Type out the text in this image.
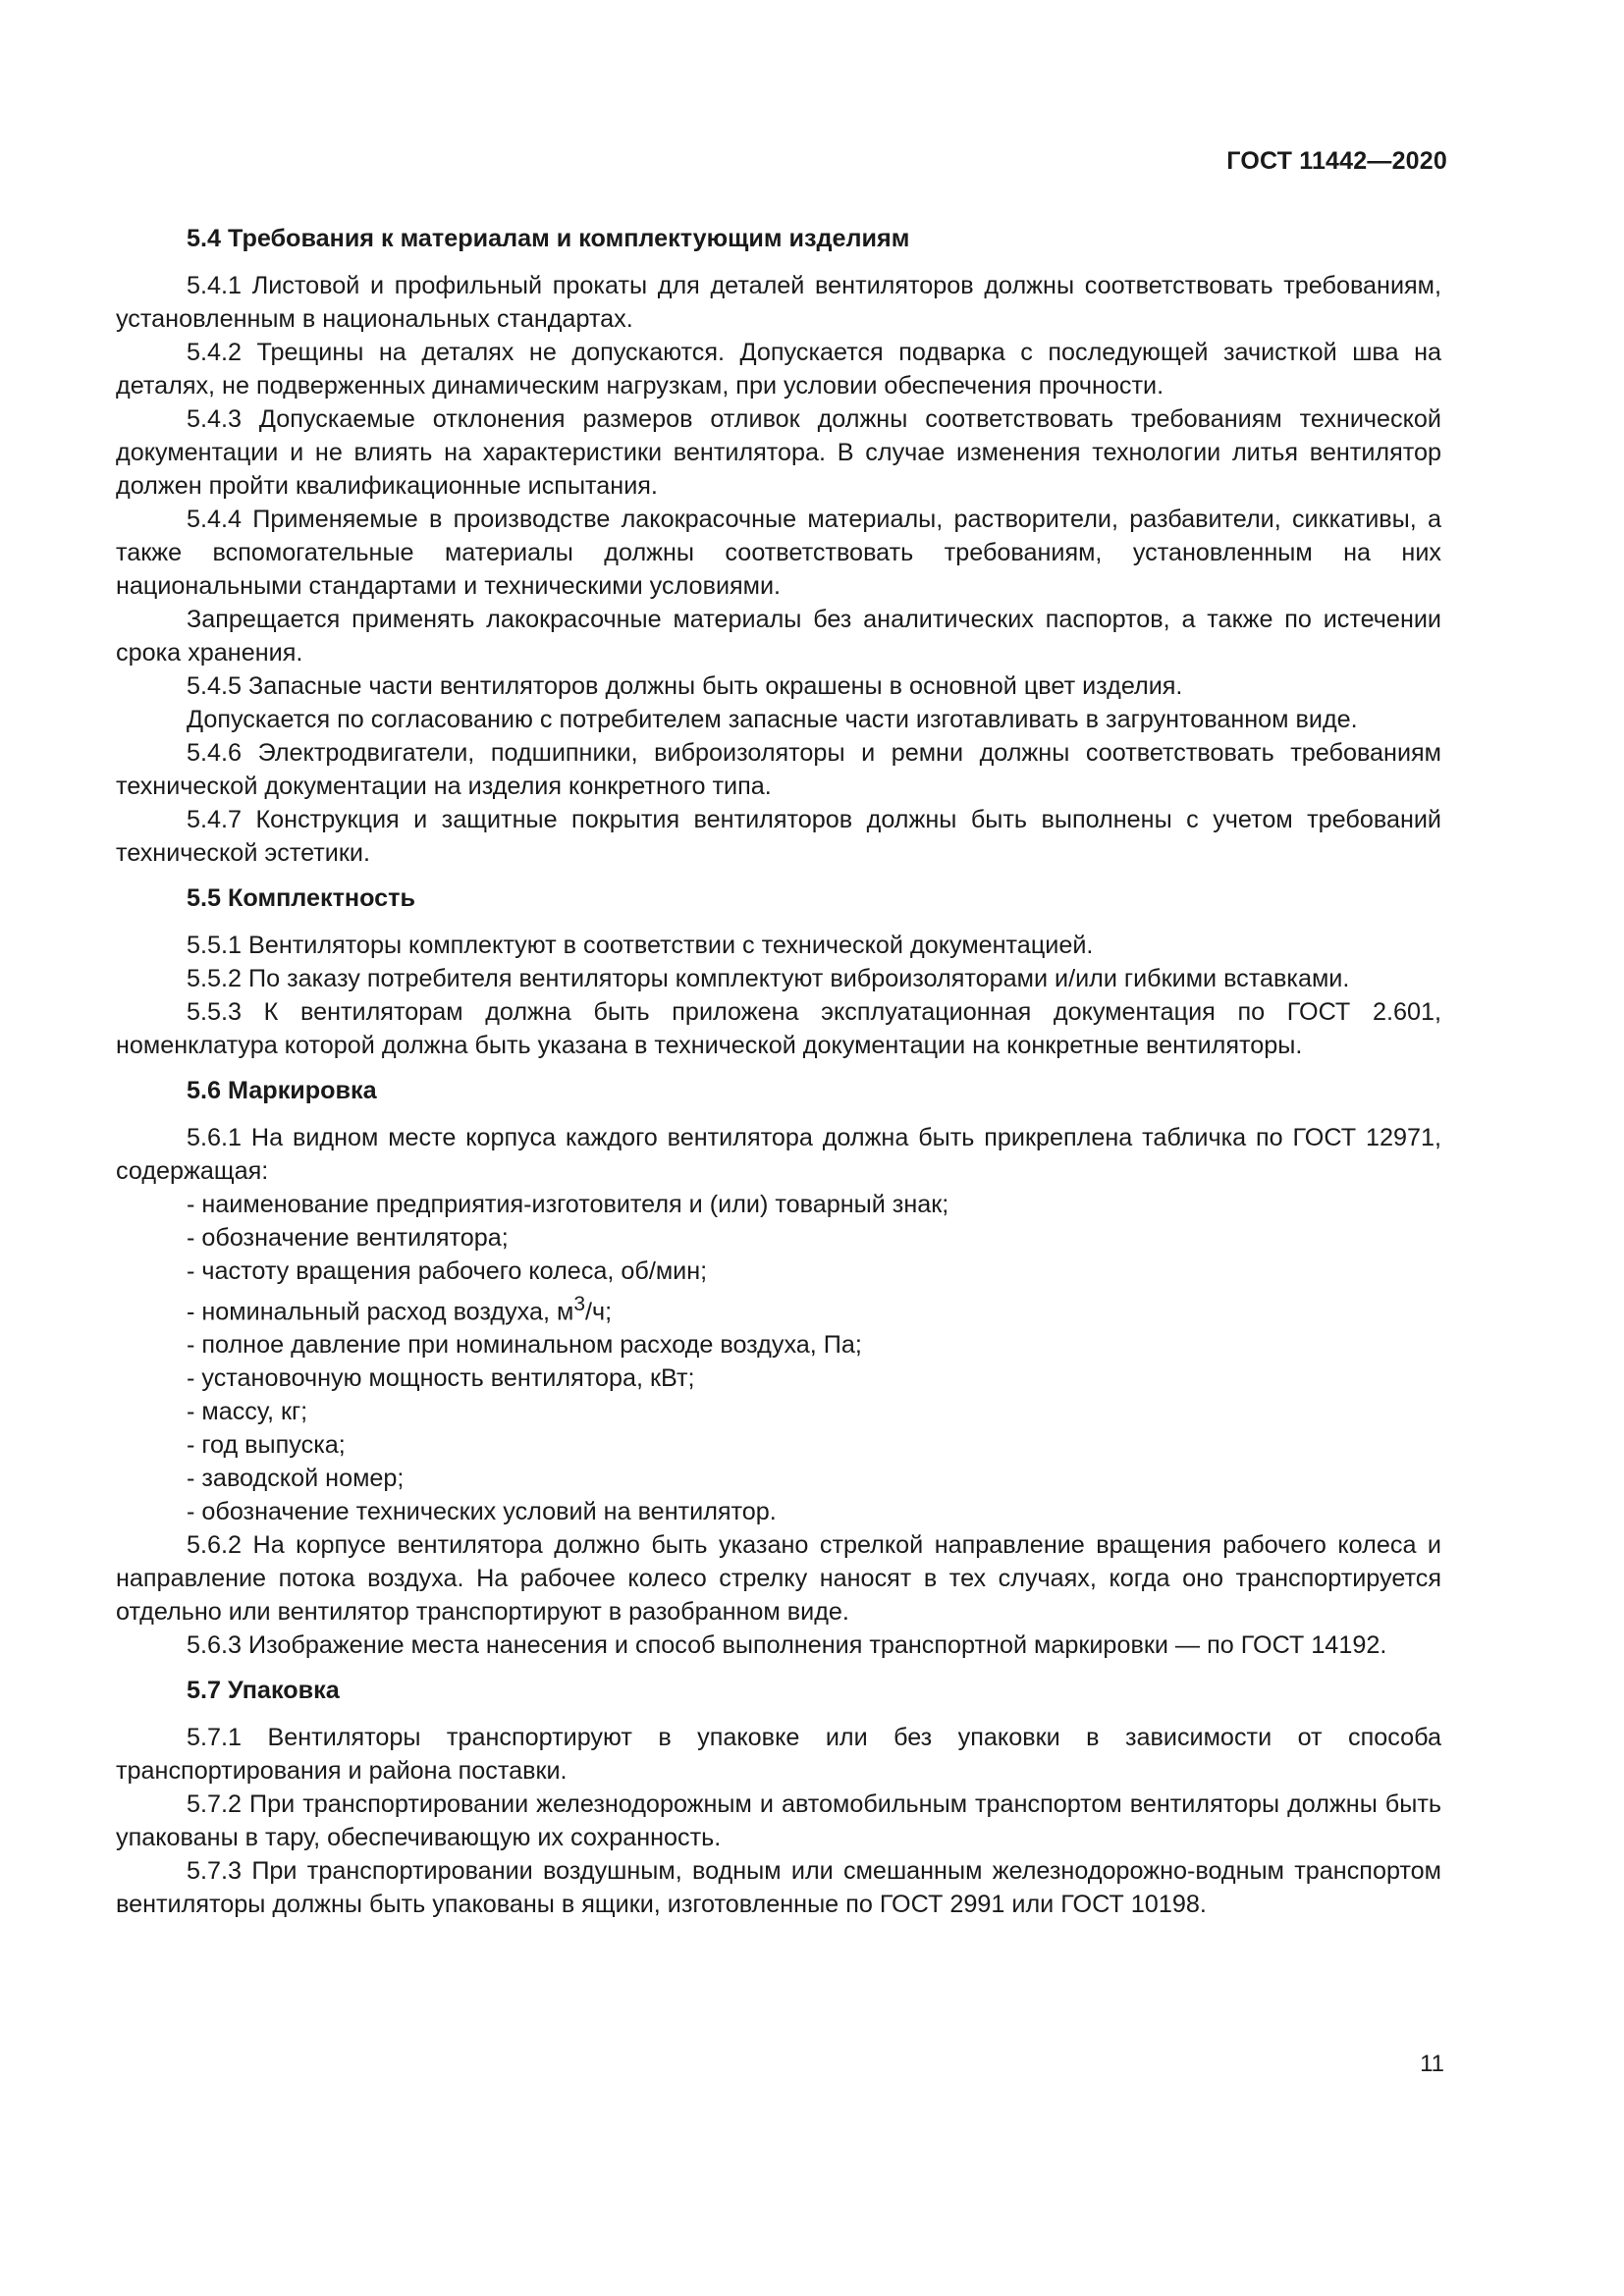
ГОСТ 11442—2020
5.4 Требования к материалам и комплектующим изделиям

5.4.1 Листовой и профильный прокаты для деталей вентиляторов должны соответствовать требованиям, установленным в национальных стандартах.

5.4.2 Трещины на деталях не допускаются. Допускается подварка с последующей зачисткой шва на деталях, не подверженных динамическим нагрузкам, при условии обеспечения прочности.

5.4.3 Допускаемые отклонения размеров отливок должны соответствовать требованиям технической документации и не влиять на характеристики вентилятора. В случае изменения технологии литья вентилятор должен пройти квалификационные испытания.

5.4.4 Применяемые в производстве лакокрасочные материалы, растворители, разбавители, сиккативы, а также вспомогательные материалы должны соответствовать требованиям, установленным на них национальными стандартами и техническими условиями.

Запрещается применять лакокрасочные материалы без аналитических паспортов, а также по истечении срока хранения.

5.4.5 Запасные части вентиляторов должны быть окрашены в основной цвет изделия.

Допускается по согласованию с потребителем запасные части изготавливать в загрунтованном виде.

5.4.6 Электродвигатели, подшипники, виброизоляторы и ремни должны соответствовать требованиям технической документации на изделия конкретного типа.

5.4.7 Конструкция и защитные покрытия вентиляторов должны быть выполнены с учетом требований технической эстетики.

5.5 Комплектность

5.5.1 Вентиляторы комплектуют в соответствии с технической документацией.

5.5.2 По заказу потребителя вентиляторы комплектуют виброизоляторами и/или гибкими вставками.

5.5.3 К вентиляторам должна быть приложена эксплуатационная документация по ГОСТ 2.601, номенклатура которой должна быть указана в технической документации на конкретные вентиляторы.

5.6 Маркировка

5.6.1 На видном месте корпуса каждого вентилятора должна быть прикреплена табличка по ГОСТ 12971, содержащая:

- наименование предприятия-изготовителя и (или) товарный знак;

- обозначение вентилятора;

- частоту вращения рабочего колеса, об/мин;

- номинальный расход воздуха, $м^3/ч$;

- полное давление при номинальном расходе воздуха, Па;

- установочную мощность вентилятора, кВт;

- массу, кг;

- год выпуска;

- заводской номер;

- обозначение технических условий на вентилятор.

5.6.2 На корпусе вентилятора должно быть указано стрелкой направление вращения рабочего колеса и направление потока воздуха. На рабочее колесо стрелку наносят в тех случаях, когда оно транспортируется отдельно или вентилятор транспортируют в разобранном виде.

5.6.3 Изображение места нанесения и способ выполнения транспортной маркировки — по ГОСТ 14192.

5.7 Упаковка

5.7.1 Вентиляторы транспортируют в упаковке или без упаковки в зависимости от способа транспортирования и района поставки.

5.7.2 При транспортировании железнодорожным и автомобильным транспортом вентиляторы должны быть упакованы в тару, обеспечивающую их сохранность.

5.7.3 При транспортировании воздушным, водным или смешанным железнодорожно-водным транспортом вентиляторы должны быть упакованы в ящики, изготовленные по ГОСТ 2991 или ГОСТ 10198.

11
